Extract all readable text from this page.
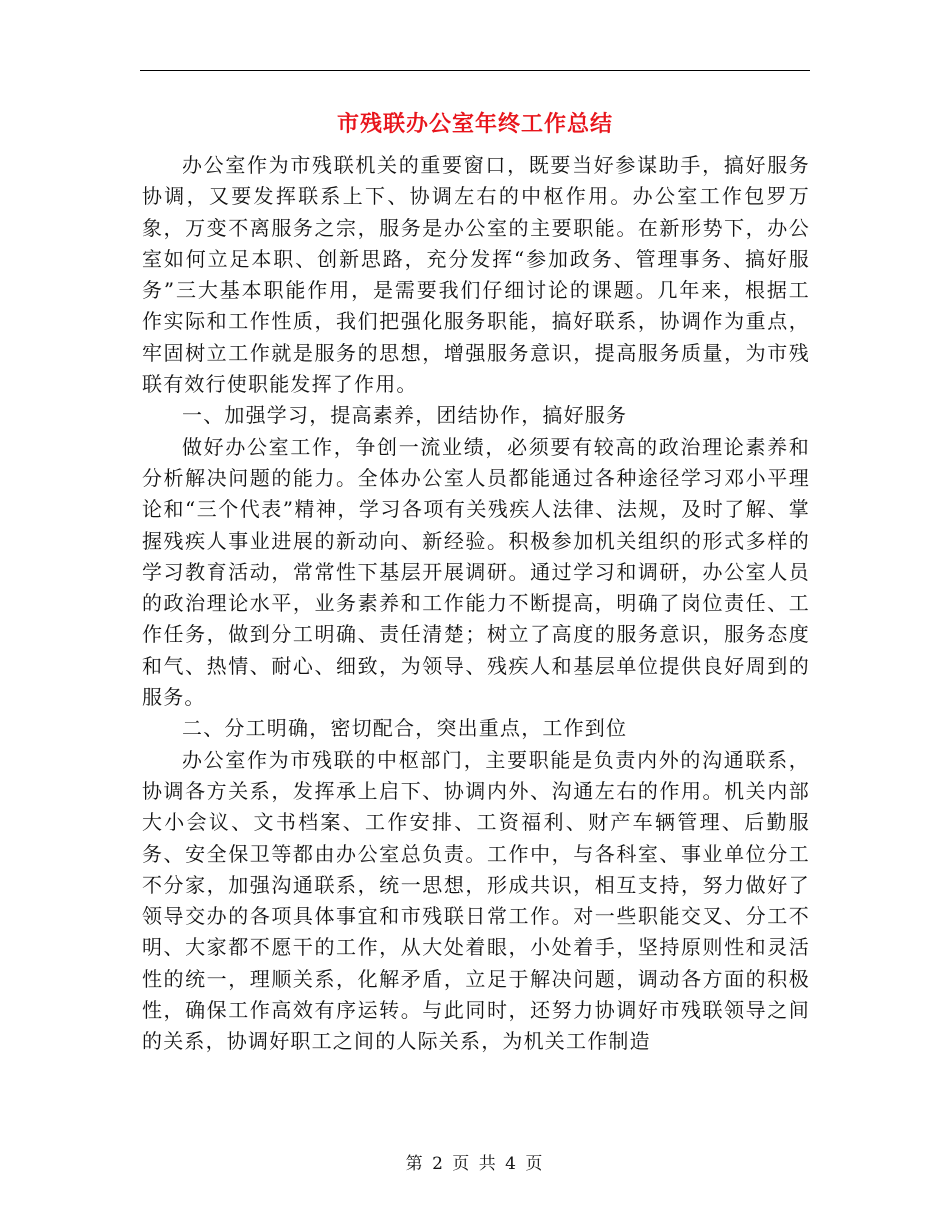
市残联办公室年终工作总结

办公室作为市残联机关的重要窗口，既要当好参谋助手，搞好服务协调，又要发挥联系上下、协调左右的中枢作用。办公室工作包罗万象，万变不离服务之宗，服务是办公室的主要职能。在新形势下，办公室如何立足本职、创新思路，充分发挥“参加政务、管理事务、搞好服务”三大基本职能作用，是需要我们仔细讨论的课题。几年来，根据工作实际和工作性质，我们把强化服务职能，搞好联系，协调作为重点，牢固树立工作就是服务的思想，增强服务意识，提高服务质量，为市残联有效行使职能发挥了作用。

一、加强学习，提高素养，团结协作，搞好服务

做好办公室工作，争创一流业绩，必须要有较高的政治理论素养和分析解决问题的能力。全体办公室人员都能通过各种途径学习邓小平理论和“三个代表”精神，学习各项有关残疾人法律、法规，及时了解、掌握残疾人事业进展的新动向、新经验。积极参加机关组织的形式多样的学习教育活动，常常性下基层开展调研。通过学习和调研，办公室人员的政治理论水平，业务素养和工作能力不断提高，明确了岗位责任、工作任务，做到分工明确、责任清楚；树立了高度的服务意识，服务态度和气、热情、耐心、细致，为领导、残疾人和基层单位提供良好周到的服务。

二、分工明确，密切配合，突出重点，工作到位

办公室作为市残联的中枢部门，主要职能是负责内外的沟通联系，协调各方关系，发挥承上启下、协调内外、沟通左右的作用。机关内部大小会议、文书档案、工作安排、工资福利、财产车辆管理、后勤服务、安全保卫等都由办公室总负责。工作中，与各科室、事业单位分工不分家，加强沟通联系，统一思想，形成共识，相互支持，努力做好了领导交办的各项具体事宜和市残联日常工作。对一些职能交叉、分工不明、大家都不愿干的工作，从大处着眼，小处着手，坚持原则性和灵活性的统一，理顺关系，化解矛盾，立足于解决问题，调动各方面的积极性，确保工作高效有序运转。与此同时，还努力协调好市残联领导之间的关系，协调好职工之间的人际关系，为机关工作制造

第 2 页 共 4 页
